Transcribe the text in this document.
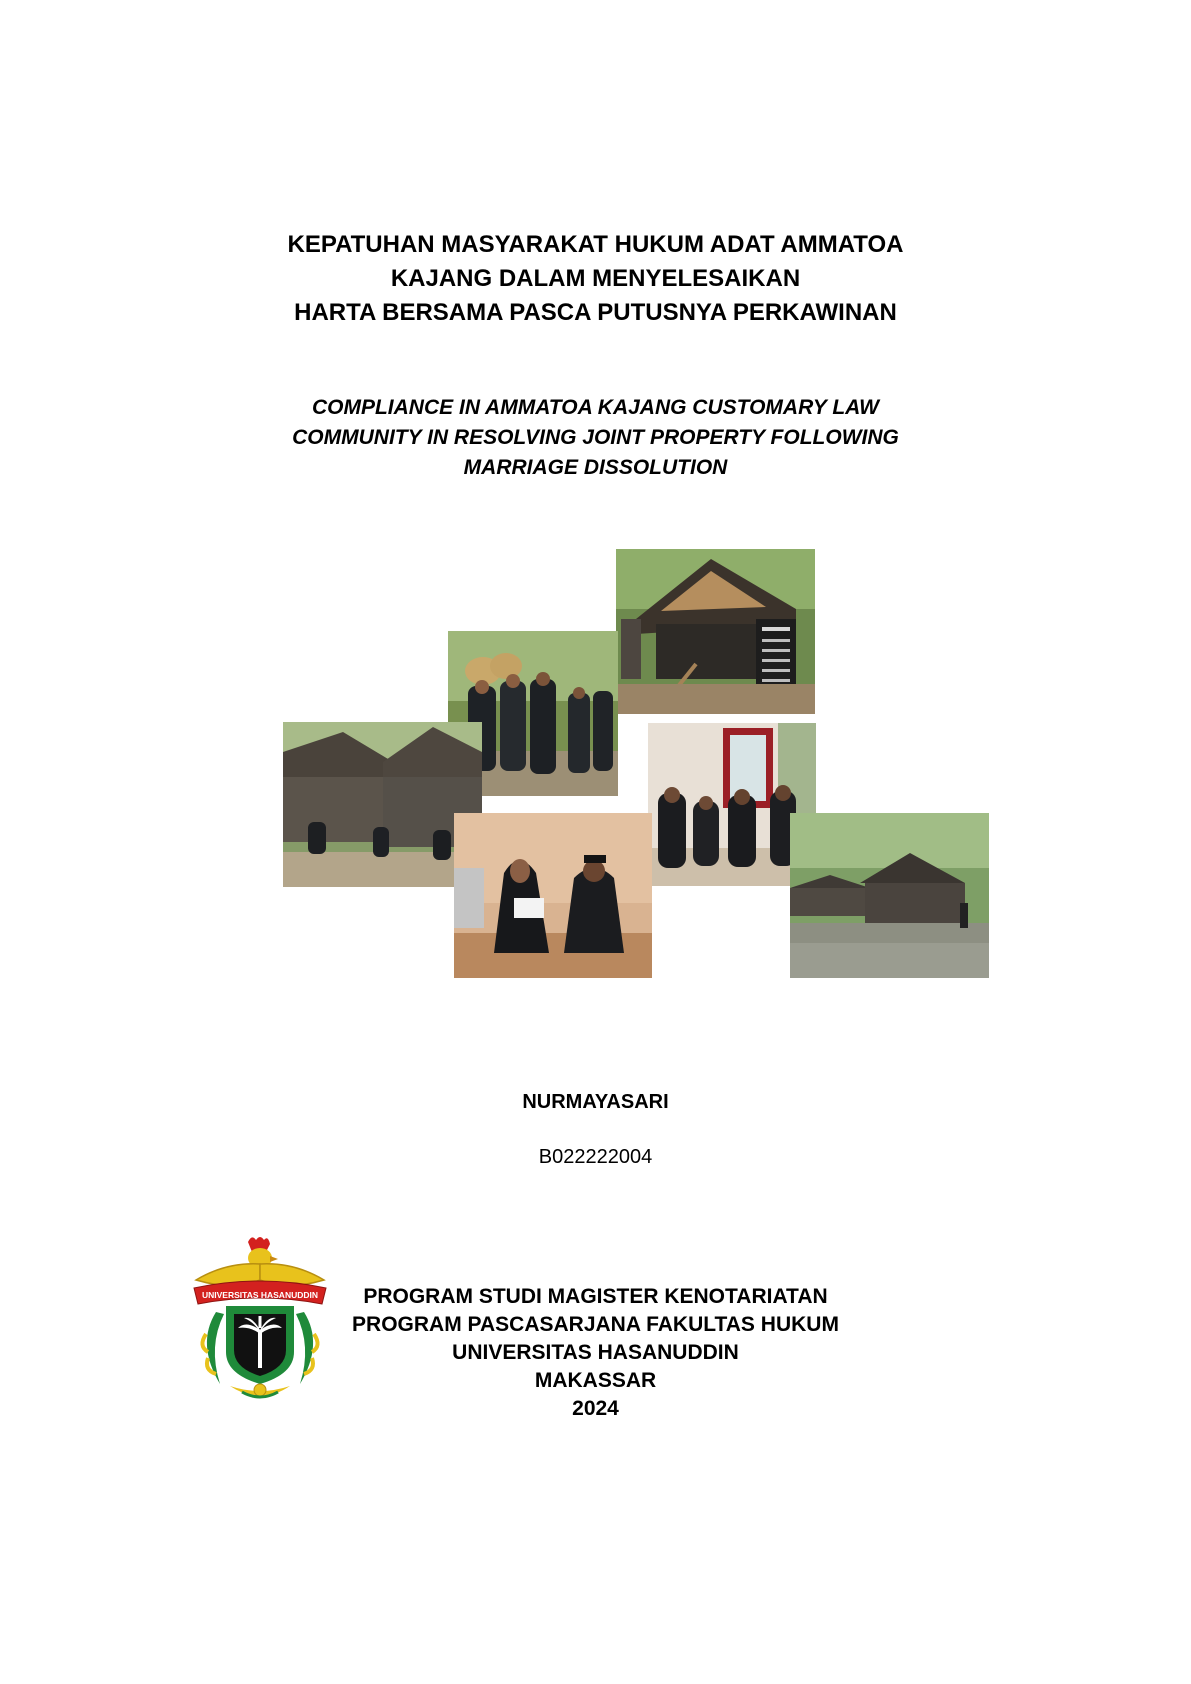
KEPATUHAN MASYARAKAT HUKUM ADAT AMMATOA
KAJANG DALAM MENYELESAIKAN
HARTA BERSAMA PASCA PUTUSNYA PERKAWINAN
COMPLIANCE IN AMMATOA KAJANG CUSTOMARY LAW
COMMUNITY IN RESOLVING JOINT PROPERTY FOLLOWING
MARRIAGE DISSOLUTION
NURMAYASARI
B022222004
UNIVERSITAS HASANUDDIN	PROGRAM STUDI MAGISTER KENOTARIATAN
PROGRAM PASCASARJANA FAKULTAS HUKUM
UNIVERSITAS HASANUDDIN
MAKASSAR
2024
